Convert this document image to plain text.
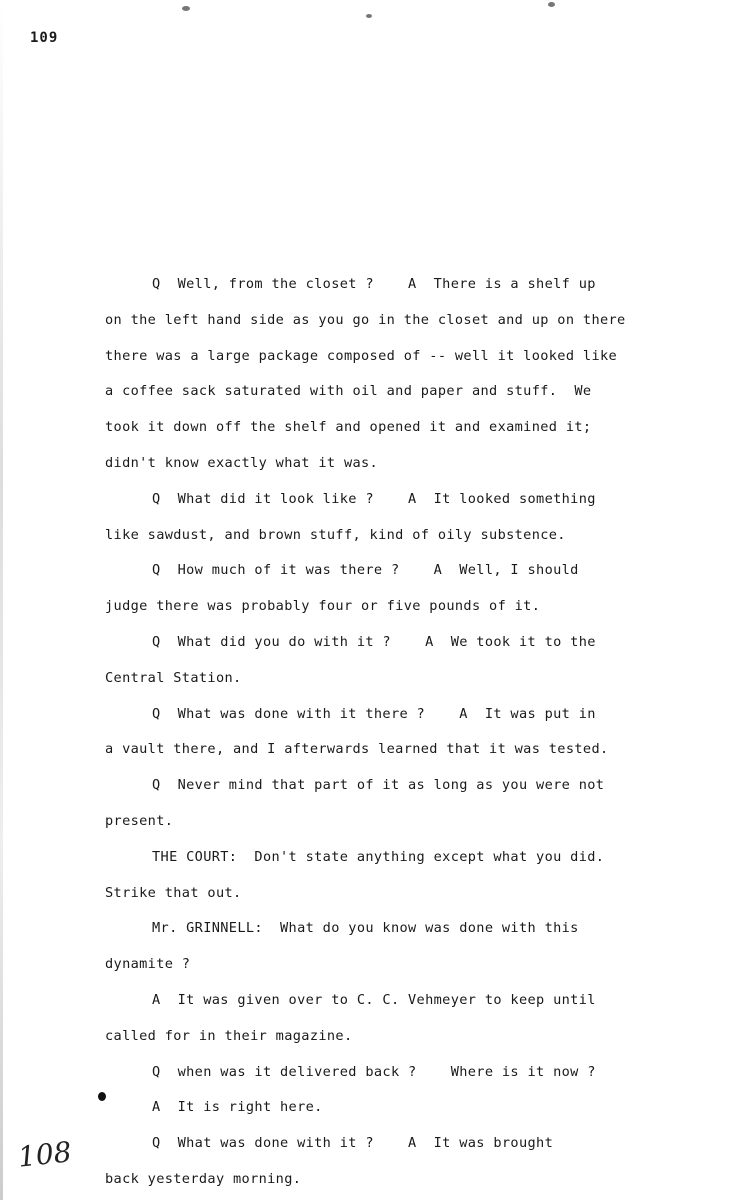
109
Q  Well, from the closet ?    A  There is a shelf up
on the left hand side as you go in the closet and up on there
there was a large package composed of -- well it looked like
a coffee sack saturated with oil and paper and stuff.  We
took it down off the shelf and opened it and examined it;
didn't know exactly what it was.
Q  What did it look like ?    A  It looked something
like sawdust, and brown stuff, kind of oily substence.
Q  How much of it was there ?    A  Well, I should
judge there was probably four or five pounds of it.
Q  What did you do with it ?    A  We took it to the
Central Station.
Q  What was done with it there ?    A  It was put in
a vault there, and I afterwards learned that it was tested.
Q  Never mind that part of it as long as you were not
present.
THE COURT:  Don't state anything except what you did.
Strike that out.
Mr. GRINNELL:  What do you know was done with this
dynamite ?
A  It was given over to C. C. Vehmeyer to keep until
called for in their magazine.
Q  when was it delivered back ?    Where is it now ?
A  It is right here.
Q  What was done with it ?    A  It was brought
back yesterday morning.
108
